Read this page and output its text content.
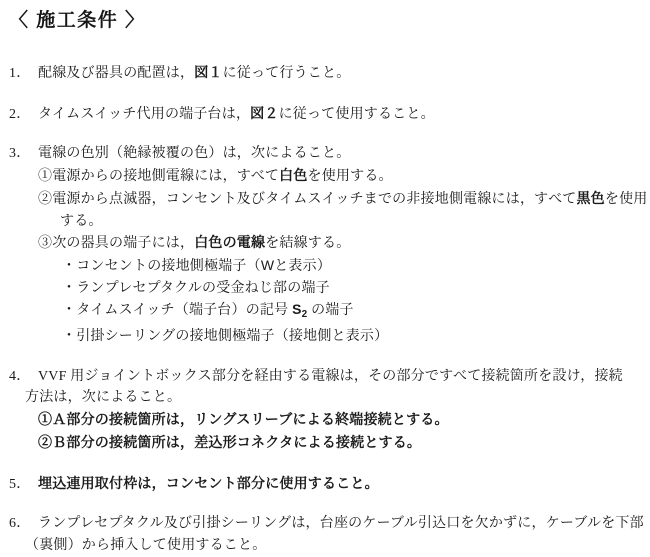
〈 施工条件 〉
1． 配線及び器具の配置は，図１に従って行うこと。
2． タイムスイッチ代用の端子台は，図２に従って使用すること。
3． 電線の色別（絶縁被覆の色）は，次によること。
①電源からの接地側電線には，すべて白色を使用する。
②電源から点滅器，コンセント及びタイムスイッチまでの非接地側電線には，すべて黒色を使用
する。
③次の器具の端子には，白色の電線を結線する。
・コンセントの接地側極端子（Wと表示）
・ランプレセプタクルの受金ねじ部の端子
・タイムスイッチ（端子台）の記号 $S_2$ の端子
・引掛シーリングの接地側極端子（接地側と表示）
4． VVF 用ジョイントボックス部分を経由する電線は，その部分ですべて接続箇所を設け，接続
方法は，次によること。
①Ａ部分の接続箇所は，リングスリーブによる終端接続とする。
②Ｂ部分の接続箇所は，差込形コネクタによる接続とする。
5． 埋込連用取付枠は，コンセント部分に使用すること。
6． ランプレセプタクル及び引掛シーリングは，台座のケーブル引込口を欠かずに，ケーブルを下部
（裏側）から挿入して使用すること。
